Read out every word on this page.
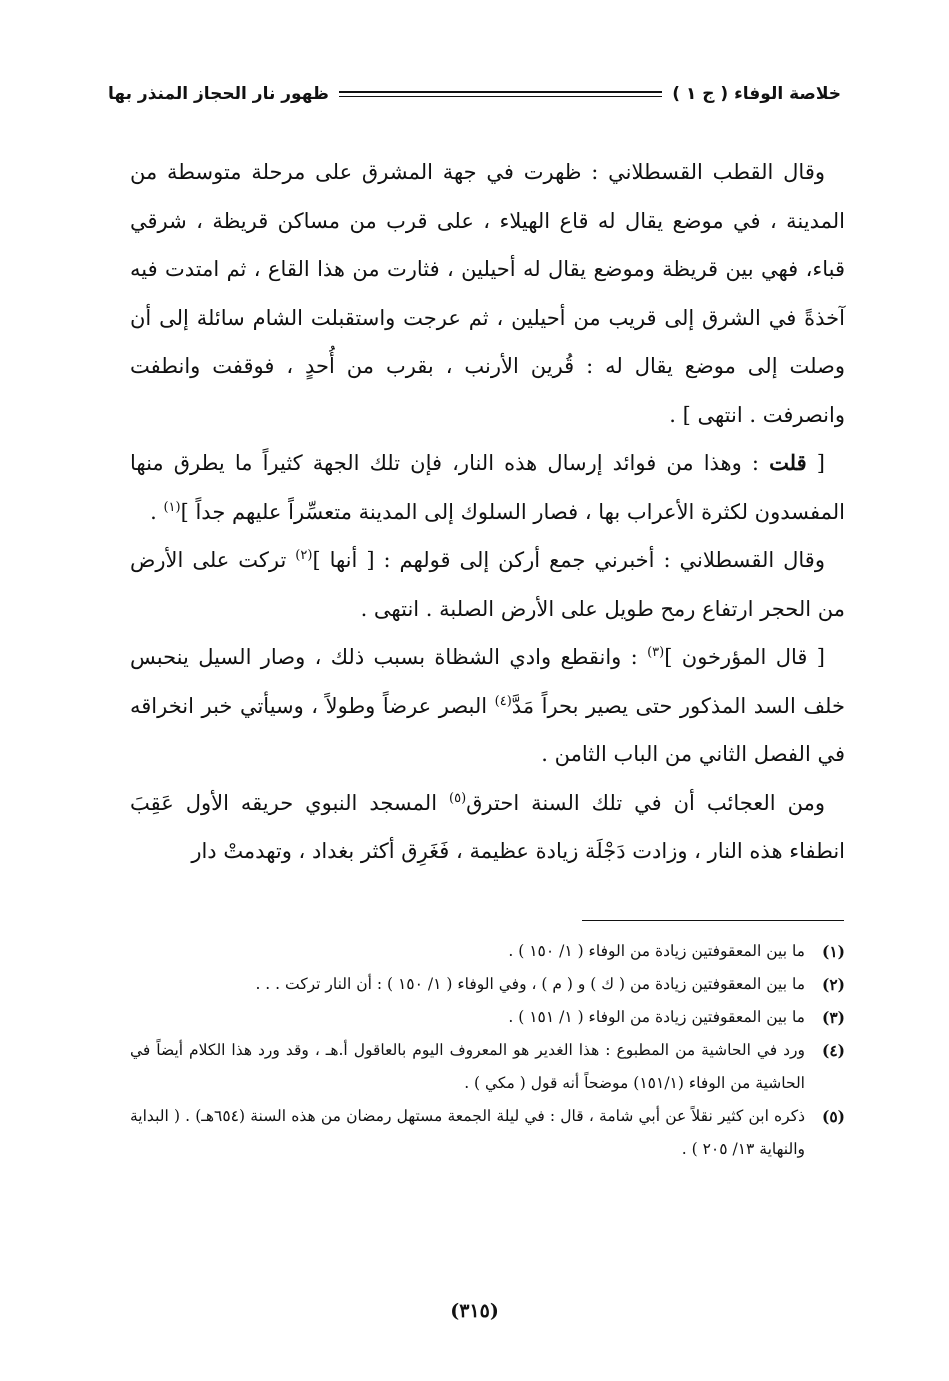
خلاصة الوفاء ( ج ١ )
ظهور نار الحجاز المنذر بها

وقال القطب القسطلاني : ظهرت في جهة المشرق على مرحلة متوسطة من المدينة ، في موضع يقال له قاع الهيلاء ، على قرب من مساكن قريظة ، شرقي قباء، فهي بين قريظة وموضع يقال له أحيلين ، فثارت من هذا القاع ، ثم امتدت فيه آخذةً في الشرق إلى قريب من أحيلين ، ثم عرجت واستقبلت الشام سائلة إلى أن وصلت إلى موضع يقال له : قُرين الأرنب ، بقرب من أُحدٍ ، فوقفت وانطفت وانصرفت . انتهى ] .

[ قلت : وهذا من فوائد إرسال هذه النار، فإن تلك الجهة كثيراً ما يطرق منها المفسدون لكثرة الأعراب بها ، فصار السلوك إلى المدينة متعسِّراً عليهم جداً ]$^{(١)}$ .

وقال القسطلاني : أخبرني جمع أركن إلى قولهم : [ أنها ]$^{(٢)}$ تركت على الأرض من الحجر ارتفاع رمح طويل على الأرض الصلبة . انتهى .

[ قال المؤرخون ]$^{(٣)}$ : وانقطع وادي الشظاة بسبب ذلك ، وصار السيل ينحبس خلف السد المذكور حتى يصير بحراً مَدَّ$^{(٤)}$ البصر عرضاً وطولاً ، وسيأتي خبر انخراقه في الفصل الثاني من الباب الثامن .

ومن العجائب أن في تلك السنة احترق$^{(٥)}$ المسجد النبوي حريقه الأول عَقِبَ انطفاء هذه النار ، وزادت دَجْلَة زيادة عظيمة ، فَغَرِق أكثر بغداد ، وتهدمتْ دار

(١)
ما بين المعقوفتين زيادة من الوفاء ( ١/ ١٥٠ ) .
(٢)
ما بين المعقوفتين زيادة من ( ك ) و ( م ) ، وفي الوفاء ( ١/ ١٥٠ ) : أن النار تركت . . .
(٣)
ما بين المعقوفتين زيادة من الوفاء ( ١/ ١٥١ ) .
(٤)
ورد في الحاشية من المطبوع : هذا الغدير هو المعروف اليوم بالعاقول أ.هـ ، وقد ورد هذا الكلام أيضاً في الحاشية من الوفاء (١٥١/١) موضحاً أنه قول ( مكي ) .
(٥)
ذكره ابن كثير نقلاً عن أبي شامة ، قال : في ليلة الجمعة مستهل رمضان من هذه السنة (٦٥٤هـ) . ( البداية والنهاية ١٣/ ٢٠٥ ) .
(٣١٥)
